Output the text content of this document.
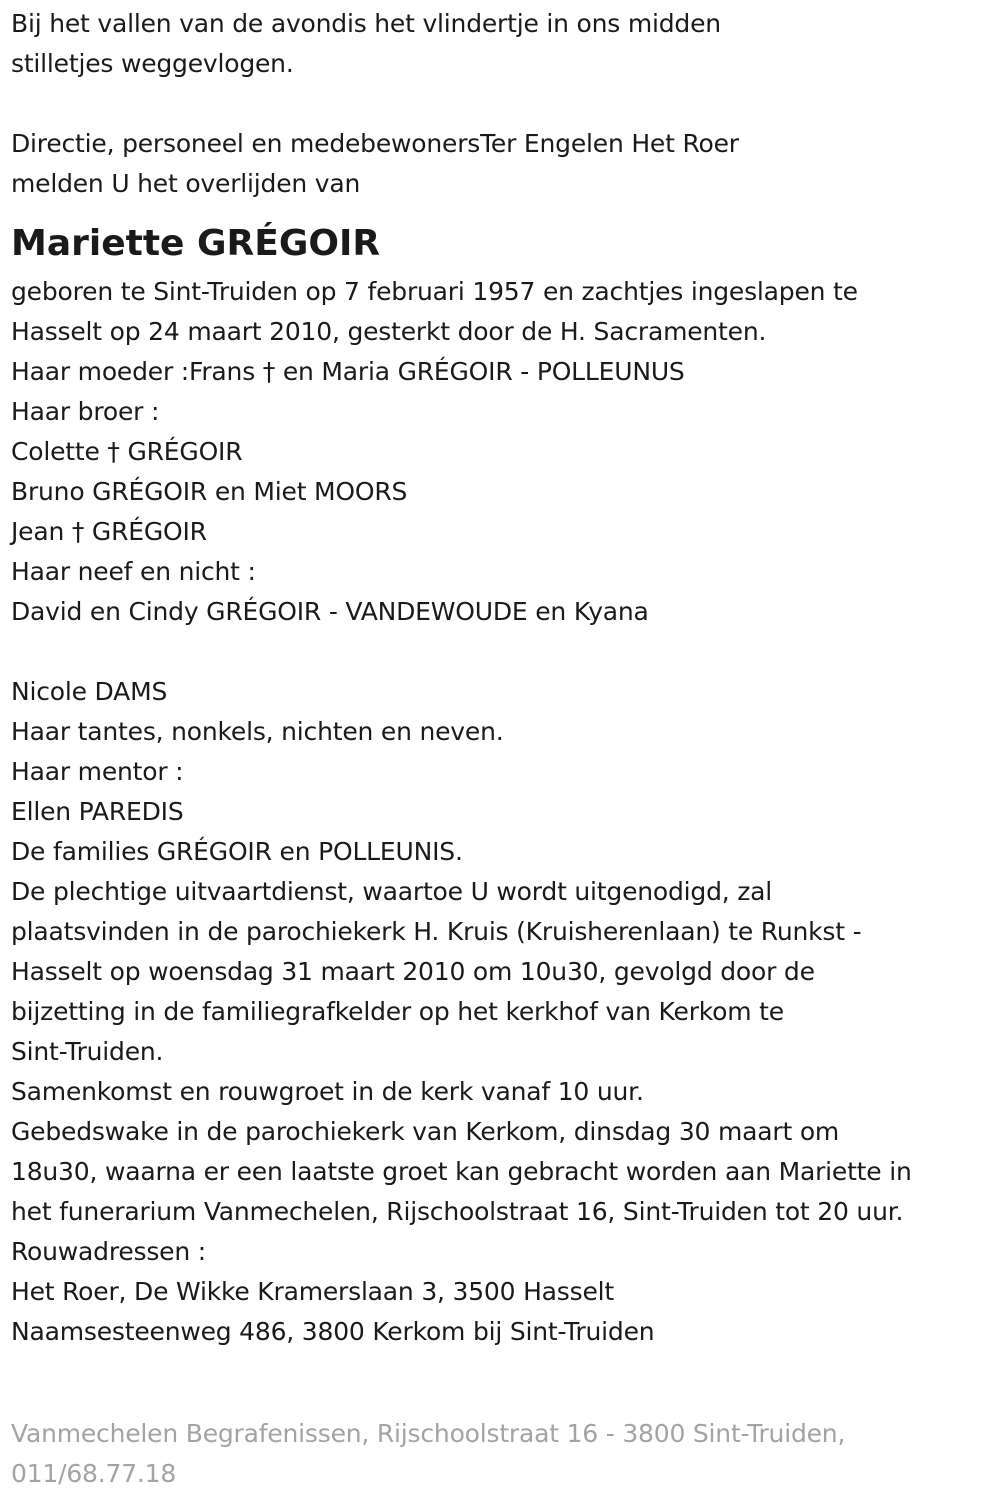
Bij het vallen van de avondis het vlindertje in ons midden
stilletjes weggevlogen.
Directie, personeel en medebewonersTer Engelen Het Roer
melden U het overlijden van
Mariette GRÉGOIR
geboren te Sint-Truiden op 7 februari 1957 en zachtjes ingeslapen te
Hasselt op 24 maart 2010, gesterkt door de H. Sacramenten.
Haar moeder :Frans † en Maria GRÉGOIR - POLLEUNUS
Haar broer :
Colette † GRÉGOIR
Bruno GRÉGOIR en Miet MOORS
Jean † GRÉGOIR
Haar neef en nicht :
David en Cindy GRÉGOIR - VANDEWOUDE en Kyana
Nicole DAMS
Haar tantes, nonkels, nichten en neven.
Haar mentor :
Ellen PAREDIS
De families GRÉGOIR en POLLEUNIS.
De plechtige uitvaartdienst, waartoe U wordt uitgenodigd, zal
plaatsvinden in de parochiekerk H. Kruis (Kruisherenlaan) te Runkst -
Hasselt op woensdag 31 maart 2010 om 10u30, gevolgd door de
bijzetting in de familiegrafkelder op het kerkhof van Kerkom te
Sint-Truiden.
Samenkomst en rouwgroet in de kerk vanaf 10 uur.
Gebedswake in de parochiekerk van Kerkom, dinsdag 30 maart om
18u30, waarna er een laatste groet kan gebracht worden aan Mariette in
het funerarium Vanmechelen, Rijschoolstraat 16, Sint-Truiden tot 20 uur.
Rouwadressen :
Het Roer, De Wikke Kramerslaan 3, 3500 Hasselt
Naamsesteenweg 486, 3800 Kerkom bij Sint-Truiden
Vanmechelen Begrafenissen, Rijschoolstraat 16 - 3800 Sint-Truiden,
011/68.77.18
